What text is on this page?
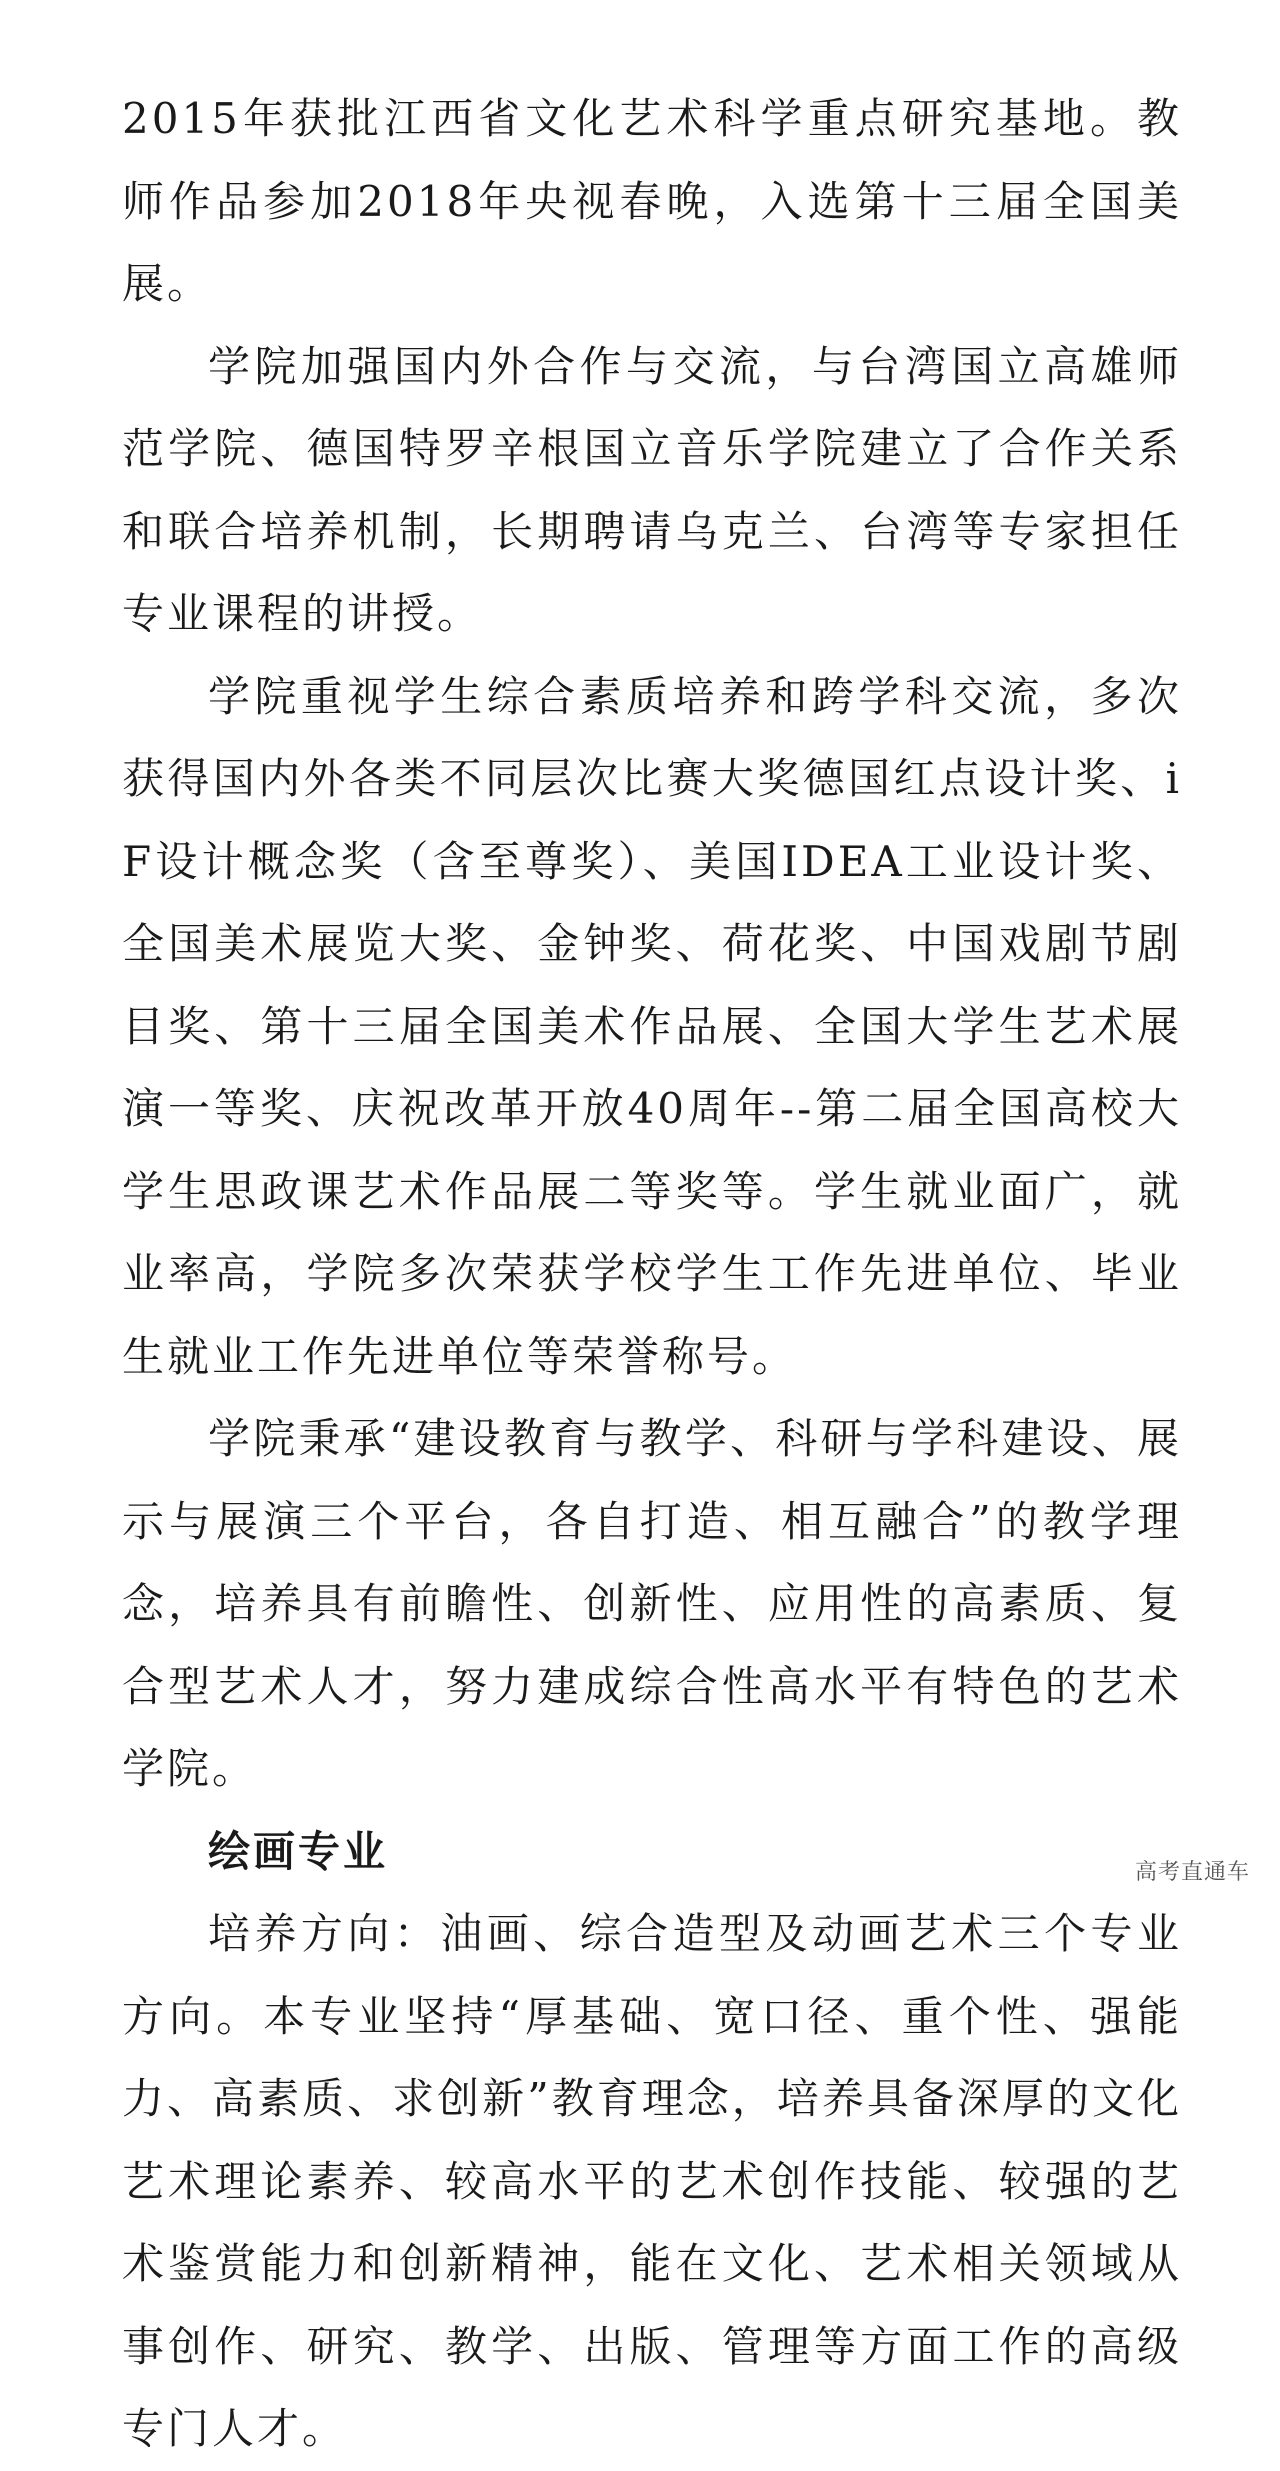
2015年获批江西省文化艺术科学重点研究基地。教师作品参加2018年央视春晚，入选第十三届全国美展。

学院加强国内外合作与交流，与台湾国立高雄师范学院、德国特罗辛根国立音乐学院建立了合作关系和联合培养机制，长期聘请乌克兰、台湾等专家担任专业课程的讲授。

学院重视学生综合素质培养和跨学科交流，多次获得国内外各类不同层次比赛大奖德国红点设计奖、iF设计概念奖（含至尊奖）、美国IDEA工业设计奖、全国美术展览大奖、金钟奖、荷花奖、中国戏剧节剧目奖、第十三届全国美术作品展、全国大学生艺术展演一等奖、庆祝改革开放40周年--第二届全国高校大学生思政课艺术作品展二等奖等。学生就业面广，就业率高，学院多次荣获学校学生工作先进单位、毕业生就业工作先进单位等荣誉称号。

学院秉承“建设教育与教学、科研与学科建设、展示与展演三个平台，各自打造、相互融合”的教学理念，培养具有前瞻性、创新性、应用性的高素质、复合型艺术人才，努力建成综合性高水平有特色的艺术学院。

绘画专业

培养方向：油画、综合造型及动画艺术三个专业方向。本专业坚持“厚基础、宽口径、重个性、强能力、高素质、求创新”教育理念，培养具备深厚的文化艺术理论素养、较高水平的艺术创作技能、较强的艺术鉴赏能力和创新精神，能在文化、艺术相关领域从事创作、研究、教学、出版、管理等方面工作的高级专门人才。

高考直通车
